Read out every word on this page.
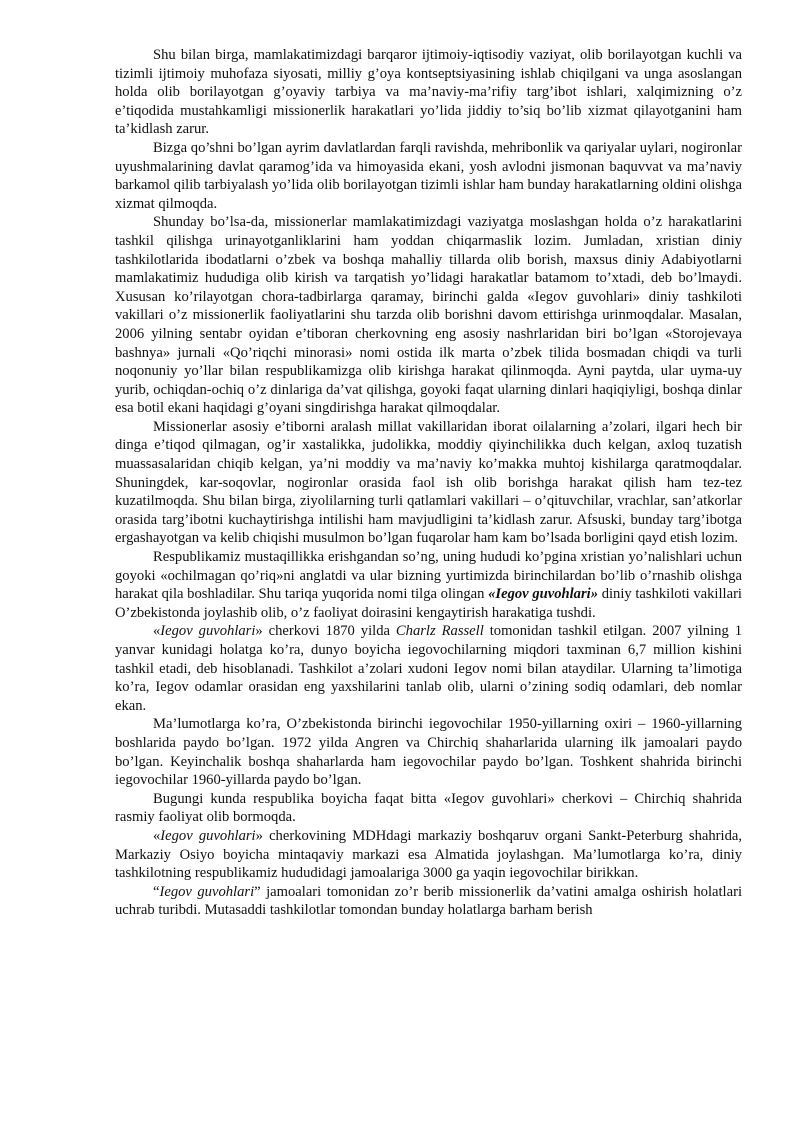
Shu bilan birga, mamlakatimizdagi barqaror ijtimoiy-iqtisodiy vaziyat, olib borilayotgan kuchli va tizimli ijtimoiy muhofaza siyosati, milliy g’oya kontseptsiyasining ishlab chiqilgani va unga asoslangan holda olib borilayotgan g’oyaviy tarbiya va ma’naviy-ma’rifiy targ’ibot ishlari, xalqimizning o’z e’tiqodida mustahkamligi missionerlik harakatlari yo’lida jiddiy to’siq bo’lib xizmat qilayotganini ham ta’kidlash zarur.

Bizga qo’shni bo’lgan ayrim davlatlardan farqli ravishda, mehribonlik va qariyalar uylari, nogironlar uyushmalarining davlat qaramog’ida va himoyasida ekani, yosh avlodni jismonan baquvvat va ma’naviy barkamol qilib tarbiyalash yo’lida olib borilayotgan tizimli ishlar ham bunday harakatlarning oldini olishga xizmat qilmoqda.

Shunday bo’lsa-da, missionerlar mamlakatimizdagi vaziyatga moslashgan holda o’z harakatlarini tashkil qilishga urinayotganliklarini ham yoddan chiqarmaslik lozim. Jumladan, xristian diniy tashkilotlarida ibodatlarni o’zbek va boshqa mahalliy tillarda olib borish, maxsus diniy Adabiyotlarni mamlakatimiz hududiga olib kirish va tarqatish yo’lidagi harakatlar batamom to’xtadi, deb bo’lmaydi. Xususan ko’rilayotgan chora-tadbirlarga qaramay, birinchi galda «Iegov guvohlari» diniy tashkiloti vakillari o’z missionerlik faoliyatlarini shu tarzda olib borishni davom ettirishga urinmoqdalar. Masalan, 2006 yilning sentabr oyidan e’tiboran cherkovning eng asosiy nashrlaridan biri bo’lgan «Storojevaya bashnya» jurnali «Qo’riqchi minorasi» nomi ostida ilk marta o’zbek tilida bosmadan chiqdi va turli noqonuniy yo’llar bilan respublikamizga olib kirishga harakat qilinmoqda. Ayni paytda, ular uyma-uy yurib, ochiqdan-ochiq o’z dinlariga da’vat qilishga, goyoki faqat ularning dinlari haqiqiyligi, boshqa dinlar esa botil ekani haqidagi g’oyani singdirishga harakat qilmoqdalar.

Missionerlar asosiy e’tiborni aralash millat vakillaridan iborat oilalarning a’zolari, ilgari hech bir dinga e’tiqod qilmagan, og’ir xastalikka, judolikka, moddiy qiyinchilikka duch kelgan, axloq tuzatish muassasalaridan chiqib kelgan, ya’ni moddiy va ma’naviy ko’makka muhtoj kishilarga qaratmoqdalar. Shuningdek, kar-soqovlar, nogironlar orasida faol ish olib borishga harakat qilish ham tez-tez kuzatilmoqda. Shu bilan birga, ziyolilarning turli qatlamlari vakillari – o’qituvchilar, vrachlar, san’atkorlar orasida targ’ibotni kuchaytirishga intilishi ham mavjudligini ta’kidlash zarur. Afsuski, bunday targ’ibotga ergashayotgan va kelib chiqishi musulmon bo’lgan fuqarolar ham kam bo’lsada borligini qayd etish lozim.

Respublikamiz mustaqillikka erishgandan so’ng, uning hududi ko’pgina xristian yo’nalishlari uchun goyoki «ochilmagan qo’riq»ni anglatdi va ular bizning yurtimizda birinchilardan bo’lib o’rnashib olishga harakat qila boshladilar. Shu tariqa yuqorida nomi tilga olingan «Iegov guvohlari» diniy tashkiloti vakillari O’zbekistonda joylashib olib, o’z faoliyat doirasini kengaytirish harakatiga tushdi.

«Iegov guvohlari» cherkovi 1870 yilda Charlz Rassell tomonidan tashkil etilgan. 2007 yilning 1 yanvar kunidagi holatga ko’ra, dunyo boyicha iegovochilarning miqdori taxminan 6,7 million kishini tashkil etadi, deb hisoblanadi. Tashkilot a’zolari xudoni Iegov nomi bilan ataydilar. Ularning ta’limotiga ko’ra, Iegov odamlar orasidan eng yaxshilarini tanlab olib, ularni o’zining sodiq odamlari, deb nomlar ekan.

Ma’lumotlarga ko’ra, O’zbekistonda birinchi iegovochilar 1950-yillarning oxiri – 1960-yillarning boshlarida paydo bo’lgan. 1972 yilda Angren va Chirchiq shaharlarida ularning ilk jamoalari paydo bo’lgan. Keyinchalik boshqa shaharlarda ham iegovochilar paydo bo’lgan. Toshkent shahrida birinchi iegovochilar 1960-yillarda paydo bo’lgan.

Bugungi kunda respublika boyicha faqat bitta «Iegov guvohlari» cherkovi – Chirchiq shahrida rasmiy faoliyat olib bormoqda.

«Iegov guvohlari» cherkovining MDHdagi markaziy boshqaruv organi Sankt-Peterburg shahrida, Markaziy Osiyo boyicha mintaqaviy markazi esa Almatida joylashgan. Ma’lumotlarga ko’ra, diniy tashkilotning respublikamiz hududidagi jamoalariga 3000 ga yaqin iegovochilar birikkan.

“Iegov guvohlari” jamoalari tomonidan zo’r berib missionerlik da’vatini amalga oshirish holatlari uchrab turibdi. Mutasaddi tashkilotlar tomondan bunday holatlarga barham berish
